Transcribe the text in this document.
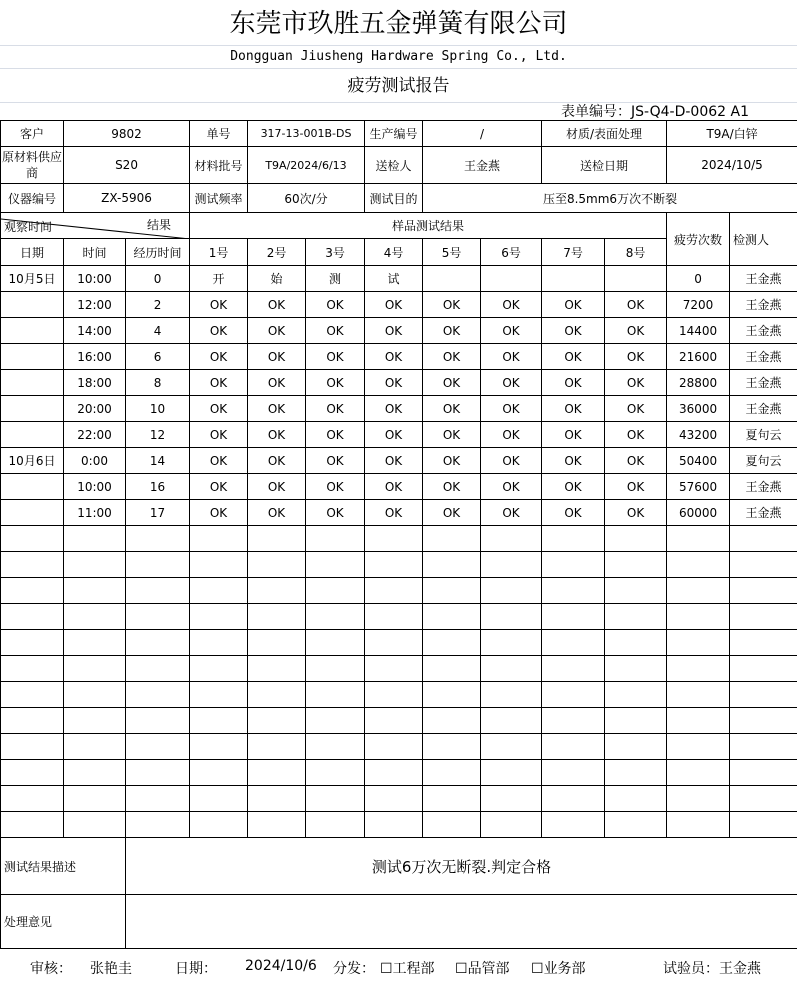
东莞市玖胜五金弹簧有限公司
Dongguan Jiusheng Hardware Spring Co., Ltd.
疲劳测试报告
表单编号：JS-Q4-D-0062 A1
客户	9802		单号	317-13-001B-DS		生产编号	/		材质/表面处理		T9A/白锌	
原材料供应商	S20		材料批号	T9A/2024/6/13		送检人	王金燕		送检日期		2024/10/5	
仪器编号	ZX-5906		测试频率	60次/分		测试目的	压至8.5mm6万次不断裂					

观察时间 结果			样品测试结果								疲劳次数	检测人
日期	时间	经历时间	1号	2号	3号	4号	5号	6号	7号	8号		
10月5日	10:00	0	开	始	测	试					0	王金燕
	12:00	2	OK	OK	OK	OK	OK	OK	OK	OK	7200	王金燕
	14:00	4	OK	OK	OK	OK	OK	OK	OK	OK	14400	王金燕
	16:00	6	OK	OK	OK	OK	OK	OK	OK	OK	21600	王金燕
	18:00	8	OK	OK	OK	OK	OK	OK	OK	OK	28800	王金燕
	20:00	10	OK	OK	OK	OK	OK	OK	OK	OK	36000	王金燕
	22:00	12	OK	OK	OK	OK	OK	OK	OK	OK	43200	夏句云
10月6日	0:00	14	OK	OK	OK	OK	OK	OK	OK	OK	50400	夏句云
	10:00	16	OK	OK	OK	OK	OK	OK	OK	OK	57600	王金燕
	11:00	17	OK	OK	OK	OK	OK	OK	OK	OK	60000	王金燕

测试结果描述		测试6万次无断裂.判定合格										
处理意见												
审核： 张艳圭	日期： 2024/10/6 分发： ☐工程部 ☐品管部 ☐业务部	试验员：王金燕
